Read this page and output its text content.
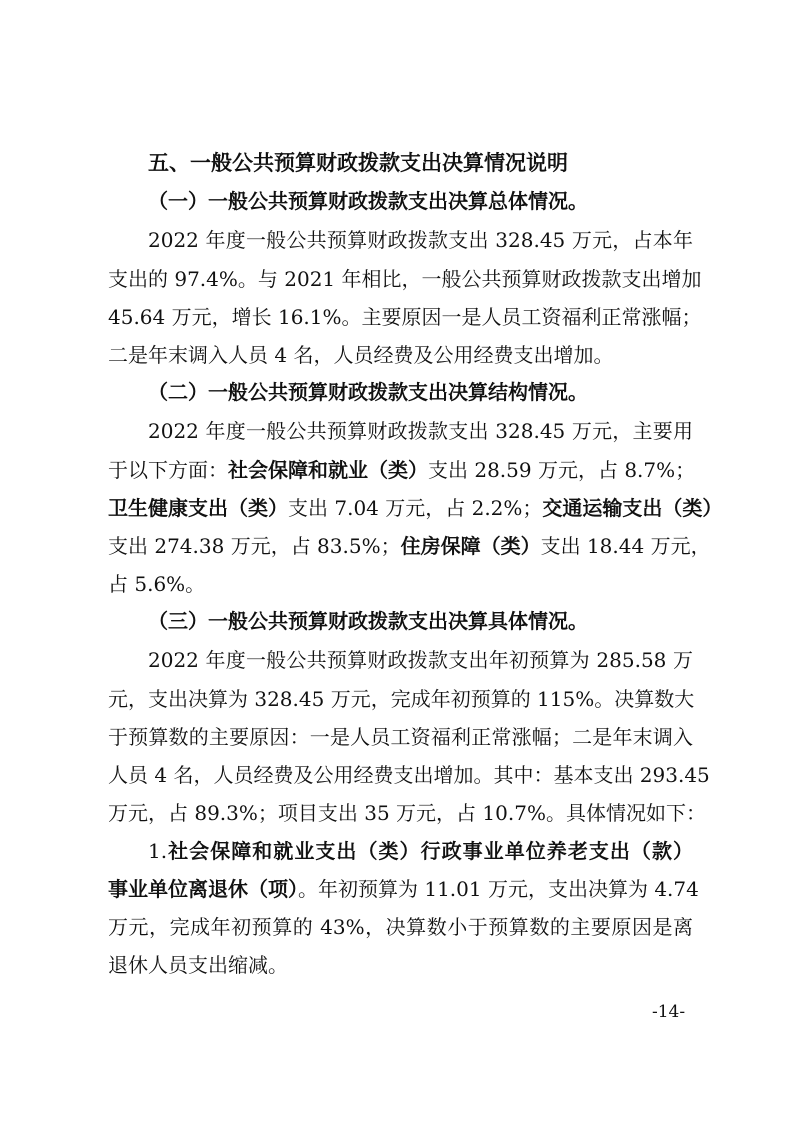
五、一般公共预算财政拨款支出决算情况说明
（一）一般公共预算财政拨款支出决算总体情况。
2022 年度一般公共预算财政拨款支出 328.45 万元，占本年
支出的 97.4%。与 2021 年相比，一般公共预算财政拨款支出增加
45.64 万元，增长 16.1%。主要原因一是人员工资福利正常涨幅；
二是年末调入人员 4 名，人员经费及公用经费支出增加。
（二）一般公共预算财政拨款支出决算结构情况。
2022 年度一般公共预算财政拨款支出 328.45 万元，主要用
于以下方面：社会保障和就业（类）支出 28.59 万元，占 8.7%；
卫生健康支出（类）支出 7.04 万元，占 2.2%；交通运输支出（类）
支出 274.38 万元，占 83.5%；住房保障（类）支出 18.44 万元，
占 5.6%。
（三）一般公共预算财政拨款支出决算具体情况。
2022 年度一般公共预算财政拨款支出年初预算为 285.58 万
元，支出决算为 328.45 万元，完成年初预算的 115%。决算数大
于预算数的主要原因：一是人员工资福利正常涨幅；二是年末调入
人员 4 名，人员经费及公用经费支出增加。其中：基本支出 293.45
万元，占 89.3%；项目支出 35 万元，占 10.7%。具体情况如下：
1.社会保障和就业支出（类）行政事业单位养老支出（款）
事业单位离退休（项）。年初预算为 11.01 万元，支出决算为 4.74
万元，完成年初预算的 43%，决算数小于预算数的主要原因是离
退休人员支出缩减。
-14-
